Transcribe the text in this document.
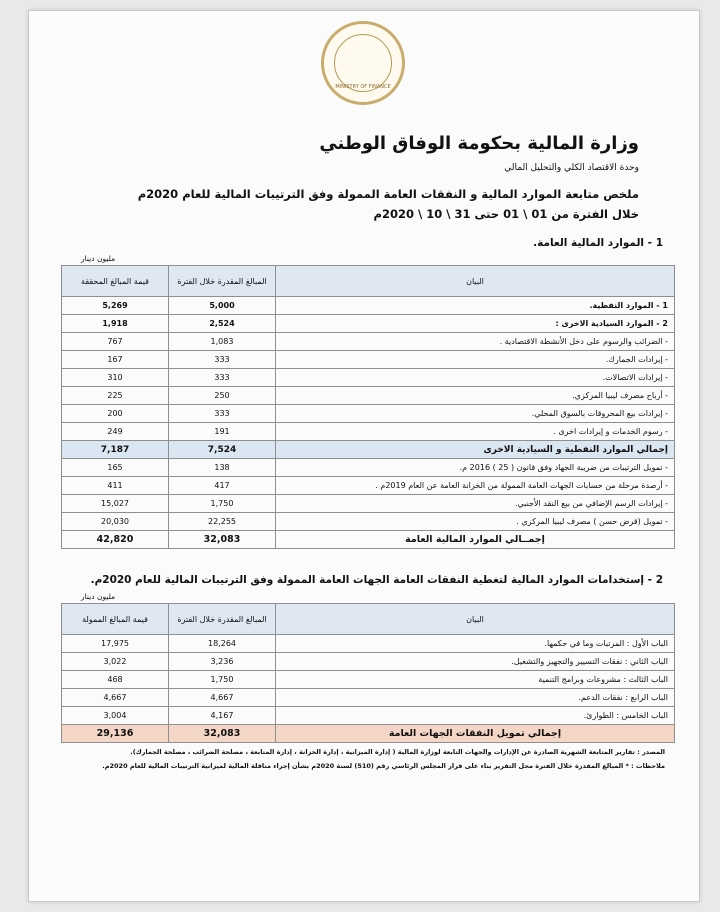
MINISTRY OF FINANCE
وزارة المالية بحكومة الوفاق الوطني
وحدة الاقتصاد الكلي والتحليل المالي
ملخص متابعة الموارد المالية و النفقات العامة الممولة وفق الترتيبات المالية للعام 2020م
خلال الفترة من 01 \ 01 حتى 31 \ 10 \ 2020م
1 - الموارد المالية العامة.
مليون دينار
قيمة المبالغ المحققة	المبالغ المقدرة خلال الفترة	البيان
5,269	5,000	1 - الموارد النفطية.
1,918	2,524	2 - الموارد السيادية الاخرى :
767	1,083	- الضرائب والرسوم على دخل الأنشطة الاقتصادية .
167	333	- إيرادات الجمارك.
310	333	- إيرادات الاتصالات.
225	250	- أرباح مصرف ليبيا المركزي.
200	333	- إيرادات بيع المحروقات بالسوق المحلي.
249	191	- رسوم الخدمات و إيرادات اخرى .
7,187	7,524	إجمالي الموارد النفطية و السيادية الاخرى
165	138	- تمويل الترتيبات من ضريبة الجهاد وفق قانون ( 25 ) 2016 م.
411	417	- أرصدة مرحلة من حسابات الجهات العامة الممولة من الخزانة العامة عن العام 2019م .
15,027	1,750	- إيرادات الرسم الإضافي من بيع النقد الأجنبي.
20,030	22,255	- تمويل (قرض حسن ) مصرف ليبيا المركزي .
42,820	32,083	إجمــالي الموارد المالية العامة
2 - إستخدامات الموارد المالية لتغطية النفقات العامة الجهات العامة الممولة وفق الترتيبات المالية للعام 2020م.
مليون دينار
قيمة المبالغ الممولة	المبالغ المقدرة خلال الفترة	البيان
17,975	18,264	الباب الأول : المرتبات وما في حكمها.
3,022	3,236	الباب الثاني : نفقات التسيير والتجهيز والتشغيل.
468	1,750	الباب الثالث : مشروعات وبرامج التنمية
4,667	4,667	الباب الرابع : نفقات الدعم.
3,004	4,167	الباب الخامس : الطوارئ.
29,136	32,083	إجمالي تمويل النفقات الجهات العامة
المصدر : تقارير المتابعة الشهرية الصادرة عن الإدارات والجهات التابعة لوزارة المالية ( إدارة الميزانية ، إدارة الخزانة ، إدارة المتابعة ، مصلحة الضرائب ، مصلحة الجمارك).
ملاحظات : * المبالغ المقدرة خلال الفترة محل التقرير بناء على قرار المجلس الرئاسي رقم (510) لسنة 2020م بشأن إجراء مناقلة المالية لميزانية الترتيبات المالية للعام 2020م.
